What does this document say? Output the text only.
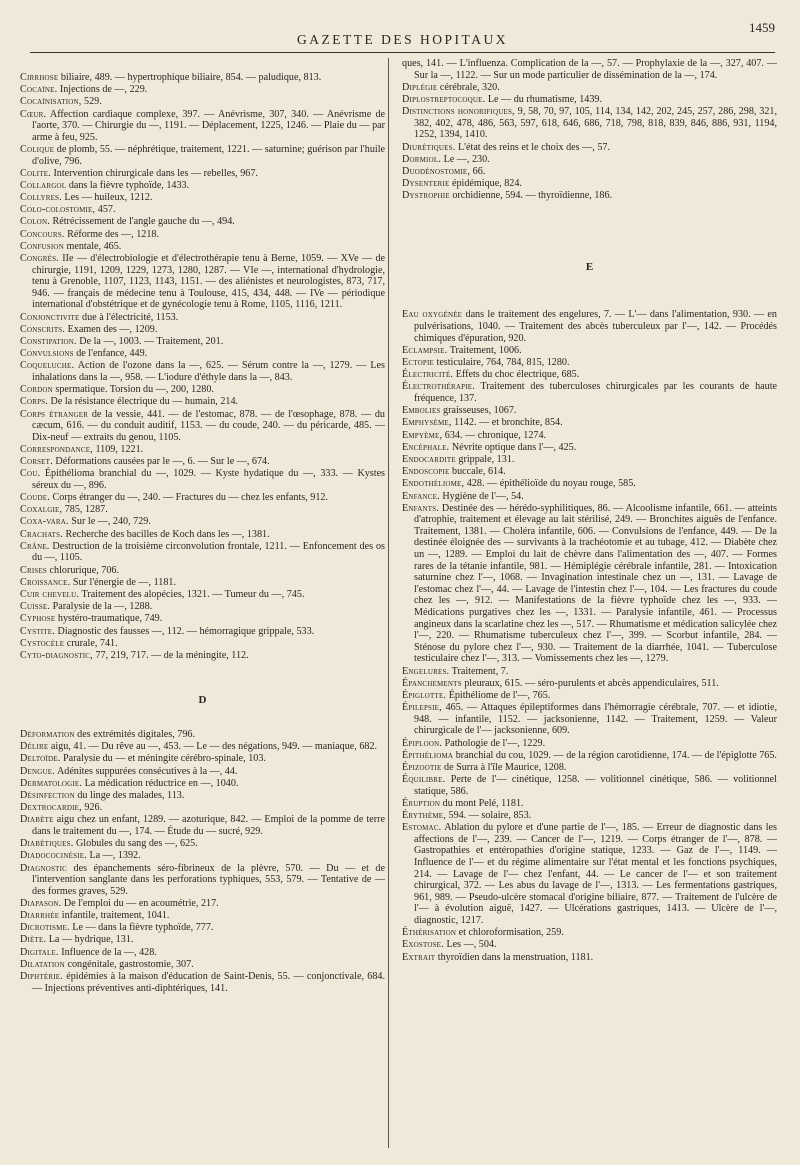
GAZETTE DES HOPITAUX
1459

Cirrhose biliaire, 489. — hypertrophique biliaire, 854. — paludique, 813.

Cocaïne. Injections de —, 229.

Cocaïnisation, 529.

Cœur. Affection cardiaque complexe, 397. — Anévrisme, 307, 340. — Anévrisme de l'aorte, 370. — Chirurgie du —, 1191. — Déplacement, 1225, 1246. — Plaie du — par arme à feu, 925.

Colique de plomb, 55. — néphrétique, traitement, 1221. — saturnine; guérison par l'huile d'olive, 796.

Colite. Intervention chirurgicale dans les — rebelles, 967.

Collargol dans la fièvre typhoïde, 1433.

Collyres. Les — huileux, 1212.

Colo-colostomie, 457.

Colon. Rétrécissement de l'angle gauche du —, 494.

Concours. Réforme des —, 1218.

Confusion mentale, 465.

Congrès. IIe — d'électrobiologie et d'électrothérapie tenu à Berne, 1059. — XVe — de chirurgie, 1191, 1209, 1229, 1273, 1280, 1287. — VIe —, international d'hydrologie, tenu à Grenoble, 1107, 1123, 1143, 1151. — des aliénistes et neurologistes, 873, 717, 946. — français de médecine tenu à Toulouse, 415, 434, 448. — IVe — périodique international d'obstétrique et de gynécologie tenu à Rome, 1105, 1116, 1211.

Conjonctivite due à l'électricité, 1153.

Conscrits. Examen des —, 1209.

Constipation. De la —, 1003. — Traitement, 201.

Convulsions de l'enfance, 449.

Coqueluche. Action de l'ozone dans la —, 625. — Sérum contre la —, 1279. — Les inhalations dans la —, 958. — L'iodure d'éthyle dans la —, 843.

Cordon spermatique. Torsion du —, 200, 1280.

Corps. De la résistance électrique du — humain, 214.

Corps étranger de la vessie, 441. — de l'estomac, 878. — de l'œsophage, 878. — du cæcum, 616. — du conduit auditif, 1153. — du coude, 240. — du péricarde, 485. — Dix-neuf — extraits du genou, 1105.

Correspondance, 1109, 1221.

Corset. Déformations causées par le —, 6. — Sur le —, 674.

Cou. Épithélioma branchial du —, 1029. — Kyste hydatique du —, 333. — Kystes séreux du —, 896.

Coude. Corps étranger du —, 240. — Fractures du — chez les enfants, 912.

Coxalgie, 785, 1287.

Coxa-vara. Sur le —, 240, 729.

Crachats. Recherche des bacilles de Koch dans les —, 1381.

Crâne. Destruction de la troisième circonvolution frontale, 1211. — Enfoncement des os du —, 1105.

Crises chlorurique, 706.

Croissance. Sur l'énergie de —, 1181.

Cuir chevelu. Traitement des alopécies, 1321. — Tumeur du —, 745.

Cuisse. Paralysie de la —, 1288.

Cyphose hystéro-traumatique, 749.

Cystite. Diagnostic des fausses —, 112. — hémorragique grippale, 533.

Cystocèle crurale, 741.

Cyto-diagnostic, 77, 219, 717. — de la méningite, 112.

D

Déformation des extrémités digitales, 796.

Délire aigu, 41. — Du rêve au —, 453. — Le — des négations, 949. — maniaque, 682.

Deltoïde. Paralysie du — et méningite cérébro-spinale, 103.

Dengue. Adénites suppurées consécutives à la —, 44.

Dermatologie. La médication réductrice en —, 1040.

Désinfection du linge des malades, 113.

Dextrocardie, 926.

Diabète aigu chez un enfant, 1289. — azoturique, 842. — Emploi de la pomme de terre dans le traitement du —, 174. — Étude du — sucré, 929.

Diabétiques. Globules du sang des —, 625.

Diadococinésie. La —, 1392.

Diagnostic des épanchements séro-fibrineux de la plèvre, 570. — Du — et de l'intervention sanglante dans les perforations typhiques, 553, 579. — Tentative de — des formes graves, 529.

Diapason. De l'emploi du — en acoumétrie, 217.

Diarrhée infantile, traitement, 1041.

Dicrotisme. Le — dans la fièvre typhoïde, 777.

Diète. La — hydrique, 131.

Digitale. Influence de la —, 428.

Dilatation congénitale, gastrostomie, 307.

Diphtérie. épidémies à la maison d'éducation de Saint-Denis, 55. — conjonctivale, 684. — Injections préventives anti-diphtériques, 141.

ques, 141. — L'influenza. Complication de la —, 57. — Prophylaxie de la —, 327, 407. — Sur la —, 1122. — Sur un mode particulier de dissémination de la —, 174.

Diplégie cérébrale, 320.

Diplostreptocoque. Le — du rhumatisme, 1439.

Distinctions honorifiques, 9, 58, 70, 97, 105, 114, 134, 142, 202, 245, 257, 286, 298, 321, 382, 402, 478, 486, 563, 597, 618, 646, 686, 718, 798, 818, 839, 846, 886, 931, 1194, 1252, 1394, 1410.

Diurétiques. L'état des reins et le choix des —, 57.

Dormiol. Le —, 230.

Duodénostomie, 66.

Dysenterie épidémique, 824.

Dystrophie orchidienne, 594. — thyroïdienne, 186.

E

Eau oxygénée dans le traitement des engelures, 7. — L'— dans l'alimentation, 930. — en pulvérisations, 1040. — Traitement des abcès tuberculeux par l'—, 142. — Procédés chimiques d'épuration, 920.

Eclampsie. Traitement, 1006.

Ectopie testiculaire, 764, 784, 815, 1280.

Électricité. Effets du choc électrique, 685.

Électrothérapie. Traitement des tuberculoses chirurgicales par les courants de haute fréquence, 137.

Embolies graisseuses, 1067.

Emphysème, 1142. — et bronchite, 854.

Empyème, 634. — chronique, 1274.

Encéphale. Névrite optique dans l'—, 425.

Endocardite grippale, 131.

Endoscopie buccale, 614.

Endothéliome, 428. — épithélioïde du noyau rouge, 585.

Enfance. Hygiène de l'—, 54.

Enfants. Destinée des — hérédo-syphilitiques, 86. — Alcoolisme infantile, 661. — atteints d'atrophie, traitement et élevage au lait stérilisé, 249. — Bronchites aiguës de l'enfance. Traitement, 1381. — Choléra infantile, 606. — Convulsions de l'enfance, 449. — De la destinée éloignée des — survivants à la trachéotomie et au tubage, 412. — Diabète chez un —, 1289. — Emploi du lait de chèvre dans l'alimentation des —, 407. — Formes rares de la tétanie infantile, 981. — Hémiplégie cérébrale infantile, 281. — Intoxication saturnine chez l'—, 1068. — Invagination intestinale chez un —, 131. — Lavage de l'estomac chez l'—, 44. — Lavage de l'intestin chez l'—, 104. — Les fractures du coude chez les —, 912. — Manifestations de la fièvre typhoïde chez les —, 933. — Médications purgatives chez les —, 1331. — Paralysie infantile, 461. — Processus angineux dans la scarlatine chez les —, 517. — Rhumatisme et médication salicylée chez l'—, 220. — Rhumatisme tuberculeux chez l'—, 399. — Scorbut infantile, 284. — Sténose du pylore chez l'—, 930. — Traitement de la diarrhée, 1041. — Tuberculose testiculaire chez l'—, 313. — Vomissements chez les —, 1279.

Engelures. Traitement, 7.

Épanchements pleuraux, 615. — séro-purulents et abcès appendiculaires, 511.

Épiglotte. Épithéliome de l'—, 765.

Épilepsie, 465. — Attaques épileptiformes dans l'hémorragie cérébrale, 707. — et idiotie, 948. — infantile, 1152. — jacksonienne, 1142. — Traitement, 1259. — Valeur chirurgicale de l'— jacksonienne, 609.

Épiploon. Pathologie de l'—, 1229.

Épithélioma branchial du cou, 1029. — de la région carotidienne, 174. — de l'épiglotte 765.

Épizootie de Surra à l'île Maurice, 1208.

Équilibre. Perte de l'— cinétique, 1258. — volitionnel cinétique, 586. — volitionnel statique, 586.

Éruption du mont Pelé, 1181.

Érythème, 594. — solaire, 853.

Estomac. Ablation du pylore et d'une partie de l'—, 185. — Erreur de diagnostic dans les affections de l'—, 239. — Cancer de l'—, 1219. — Corps étranger de l'—, 878. — Gastropathies et entéropathies d'origine statique, 1233. — Gaz de l'—, 1149. — Influence de l'— et du régime alimentaire sur l'état mental et les fonctions psychiques, 214. — Lavage de l'— chez l'enfant, 44. — Le cancer de l'— et son traitement chirurgical, 372. — Les abus du lavage de l'—, 1313. — Les fermentations gastriques, 961, 989. — Pseudo-ulcère stomacal d'origine biliaire, 877. — Traitement de l'ulcère de l'— à évolution aiguë, 1427. — Ulcérations gastriques, 1413. — Ulcère de l'—, diagnostic, 1217.

Éthérisation et chloroformisation, 259.

Exostose. Les —, 504.

Extrait thyroïdien dans la menstruation, 1181.
